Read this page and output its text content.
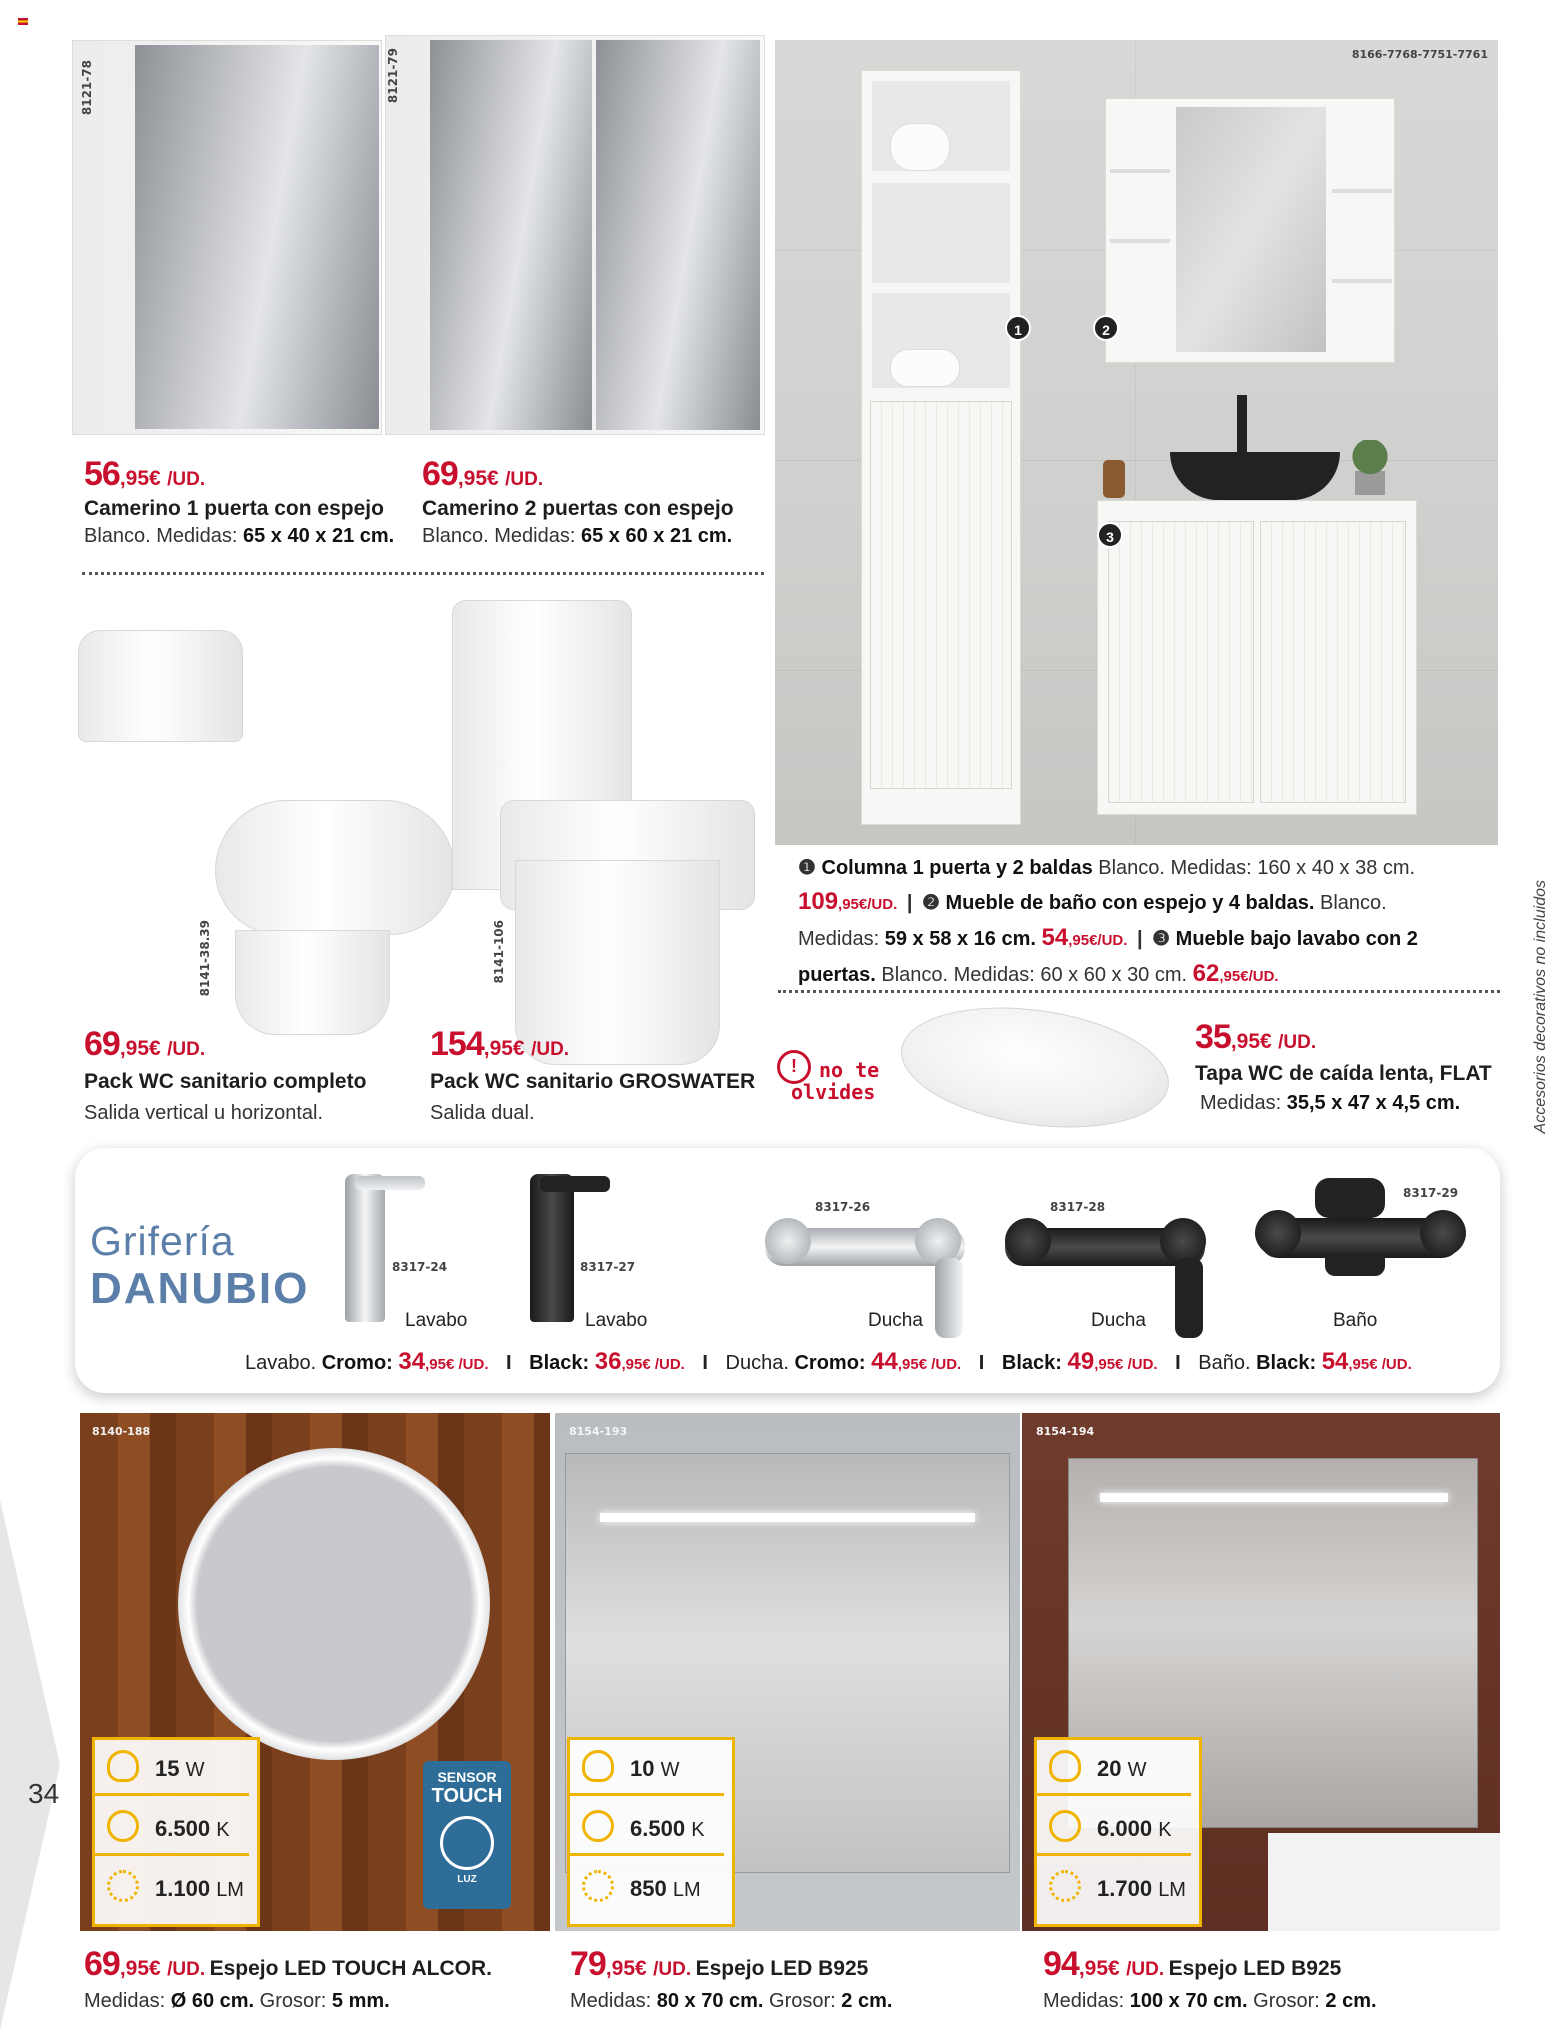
8121-78	8121-79
56,95€ /UD.
Camerino 1 puerta con espejo
Blanco. Medidas: 65 x 40 x 21 cm.
69,95€ /UD.
Camerino 2 puertas con espejo
Blanco. Medidas: 65 x 60 x 21 cm.
1	2
3
8166-7768-7751-7761
❶ Columna 1 puerta y 2 baldas Blanco. Medidas: 160 x 40 x 38 cm.
109,95€/UD. | ❷ Mueble de baño con espejo y 4 baldas. Blanco.
Medidas: 59 x 58 x 16 cm. 54,95€/UD. | ❸ Mueble bajo lavabo con 2
puertas. Blanco. Medidas: 60 x 60 x 30 cm. 62,95€/UD.
8141-38.39	8141-106
69,95€ /UD.
Pack WC sanitario completo
Salida vertical u horizontal.
154,95€ /UD.
Pack WC sanitario GROSWATER
Salida dual.
!	no te
olvides
35,95€ /UD.
Tapa WC de caída lenta, FLAT
Medidas: 35,5 x 47 x 4,5 cm.	Accesorios decorativos no incluidos
Grifería
DANUBIO	8317-24
Lavabo
8317-27
Lavabo
8317-26
Ducha
8317-28
Ducha
8317-29
Baño
Lavabo. Cromo: 34,95€ /UD. I Black: 36,95€ /UD. I Ducha. Cromo: 44,95€ /UD. I Black: 49,95€ /UD. I Baño. Black: 54,95€ /UD.
34
8140-188
15 W
6.500 K
1.100 LM
SENSOR
TOUCH
LUZ
8154-193
10 W
6.500 K
850 LM
8154-194
20 W
6.000 K
1.700 LM
69,95€ /UD. Espejo LED TOUCH ALCOR.
Medidas: Ø 60 cm. Grosor: 5 mm.
79,95€ /UD. Espejo LED B925
Medidas: 80 x 70 cm. Grosor: 2 cm.
94,95€ /UD. Espejo LED B925
Medidas: 100 x 70 cm. Grosor: 2 cm.
